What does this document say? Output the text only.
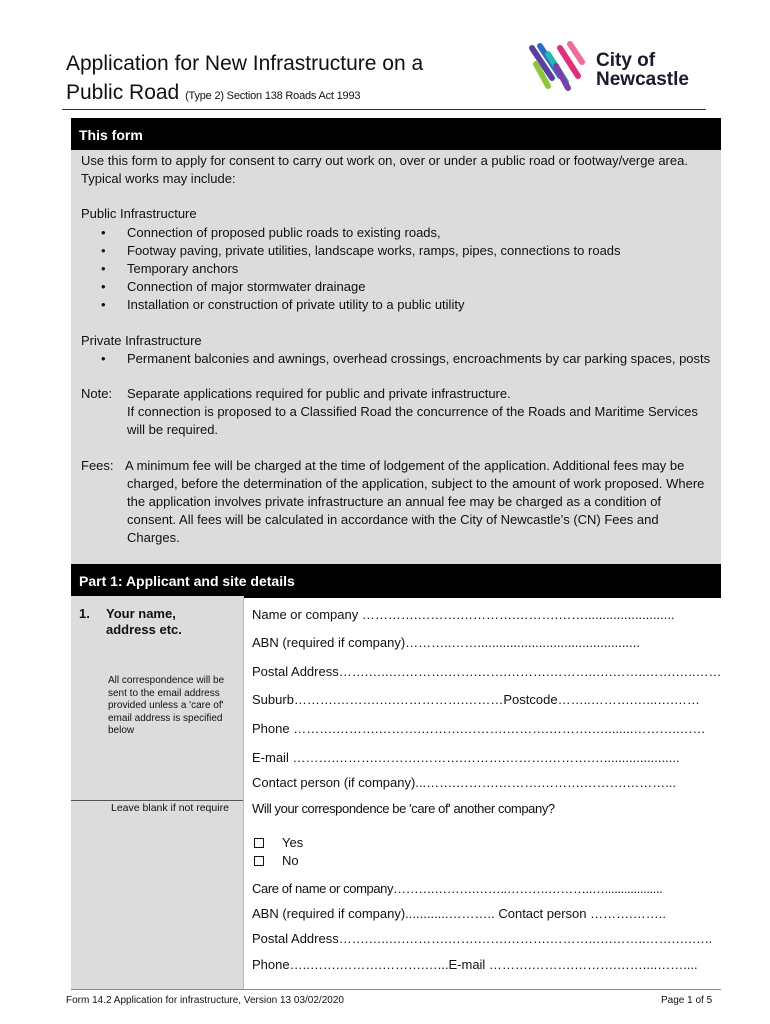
Application for New Infrastructure on a
Public Road (Type 2) Section 138 Roads Act 1993
City of
Newcastle
This form

Use this form to apply for consent to carry out work on, over or under a public road or footway/verge area. Typical works may include:

Public Infrastructure

• Connection of proposed public roads to existing roads,

• Footway paving, private utilities, landscape works, ramps, pipes, connections to roads

• Temporary anchors

• Connection of major stormwater drainage

• Installation or construction of private utility to a public utility

Private Infrastructure

• Permanent balconies and awnings, overhead crossings, encroachments by car parking spaces, posts

Note: Separate applications required for public and private infrastructure.

If connection is proposed to a Classified Road the concurrence of the Roads and Maritime Services will be required.

Fees: A minimum fee will be charged at the time of lodgement of the application. Additional fees may be charged, before the determination of the application, subject to the amount of work proposed. Where the application involves private infrastructure an annual fee may be charged as a condition of consent. All fees will be calculated in accordance with the City of Newcastle’s (CN) Fees and Charges.

Part 1: Applicant and site details
1. Your name,
address etc.
All correspondence will be sent to the email address provided unless a 'care of' email address is specified below
Leave blank if not require
Name or company ………….……….………….……….…….........................
ABN (required if company)………..…….............................................
Postal Address…….…..….……….…….…….……….………..….……..…….…..……
Suburb……….……….….…………….………Postcode……..……….…...….……
Phone ……….……….……….……….……….……….……….…........………..……
E-mail ……….……….……….……….……….……….……….….....................
Contact person (if company)...…….……….……….……….……….………...
Will your correspondence be 'care of' another company?
Yes
No
Care of name or company……….……….……..……….………..…..................
ABN (required if company)............……….. Contact person ……….……..
Postal Address…….…..….……….…….…….……….………..….……..…….….…..
Phone…..…….……….……….…...E-mail ……….……….……….……....……....
Form 14.2 Application for infrastructure, Version 13 03/02/2020	Page 1 of 5
